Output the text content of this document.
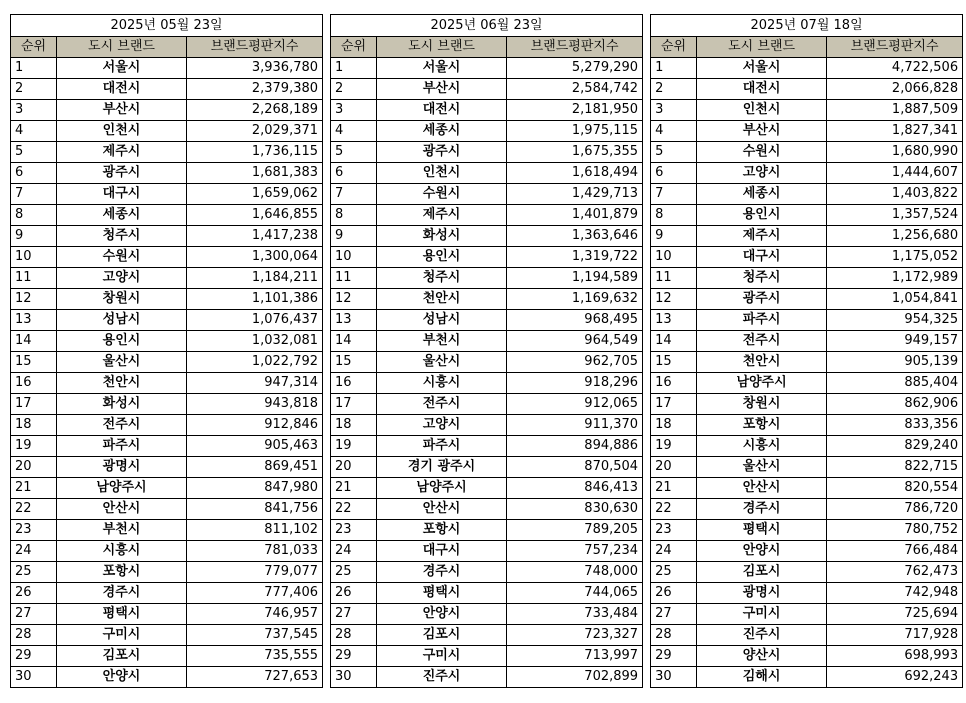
2025년 05월 23일		
순위	도시 브랜드	브랜드평판지수
1	서울시	3,936,780
2	대전시	2,379,380
3	부산시	2,268,189
4	인천시	2,029,371
5	제주시	1,736,115
6	광주시	1,681,383
7	대구시	1,659,062
8	세종시	1,646,855
9	청주시	1,417,238
10	수원시	1,300,064
11	고양시	1,184,211
12	창원시	1,101,386
13	성남시	1,076,437
14	용인시	1,032,081
15	울산시	1,022,792
16	천안시	947,314
17	화성시	943,818
18	전주시	912,846
19	파주시	905,463
20	광명시	869,451
21	남양주시	847,980
22	안산시	841,756
23	부천시	811,102
24	시흥시	781,033
25	포항시	779,077
26	경주시	777,406
27	평택시	746,957
28	구미시	737,545
29	김포시	735,555
30	안양시	727,653
2025년 06월 23일		
순위	도시 브랜드	브랜드평판지수
1	서울시	5,279,290
2	부산시	2,584,742
3	대전시	2,181,950
4	세종시	1,975,115
5	광주시	1,675,355
6	인천시	1,618,494
7	수원시	1,429,713
8	제주시	1,401,879
9	화성시	1,363,646
10	용인시	1,319,722
11	청주시	1,194,589
12	천안시	1,169,632
13	성남시	968,495
14	부천시	964,549
15	울산시	962,705
16	시흥시	918,296
17	전주시	912,065
18	고양시	911,370
19	파주시	894,886
20	경기 광주시	870,504
21	남양주시	846,413
22	안산시	830,630
23	포항시	789,205
24	대구시	757,234
25	경주시	748,000
26	평택시	744,065
27	안양시	733,484
28	김포시	723,327
29	구미시	713,997
30	진주시	702,899
2025년 07월 18일		
순위	도시 브랜드	브랜드평판지수
1	서울시	4,722,506
2	대전시	2,066,828
3	인천시	1,887,509
4	부산시	1,827,341
5	수원시	1,680,990
6	고양시	1,444,607
7	세종시	1,403,822
8	용인시	1,357,524
9	제주시	1,256,680
10	대구시	1,175,052
11	청주시	1,172,989
12	광주시	1,054,841
13	파주시	954,325
14	전주시	949,157
15	천안시	905,139
16	남양주시	885,404
17	창원시	862,906
18	포항시	833,356
19	시흥시	829,240
20	울산시	822,715
21	안산시	820,554
22	경주시	786,720
23	평택시	780,752
24	안양시	766,484
25	김포시	762,473
26	광명시	742,948
27	구미시	725,694
28	진주시	717,928
29	양산시	698,993
30	김해시	692,243
